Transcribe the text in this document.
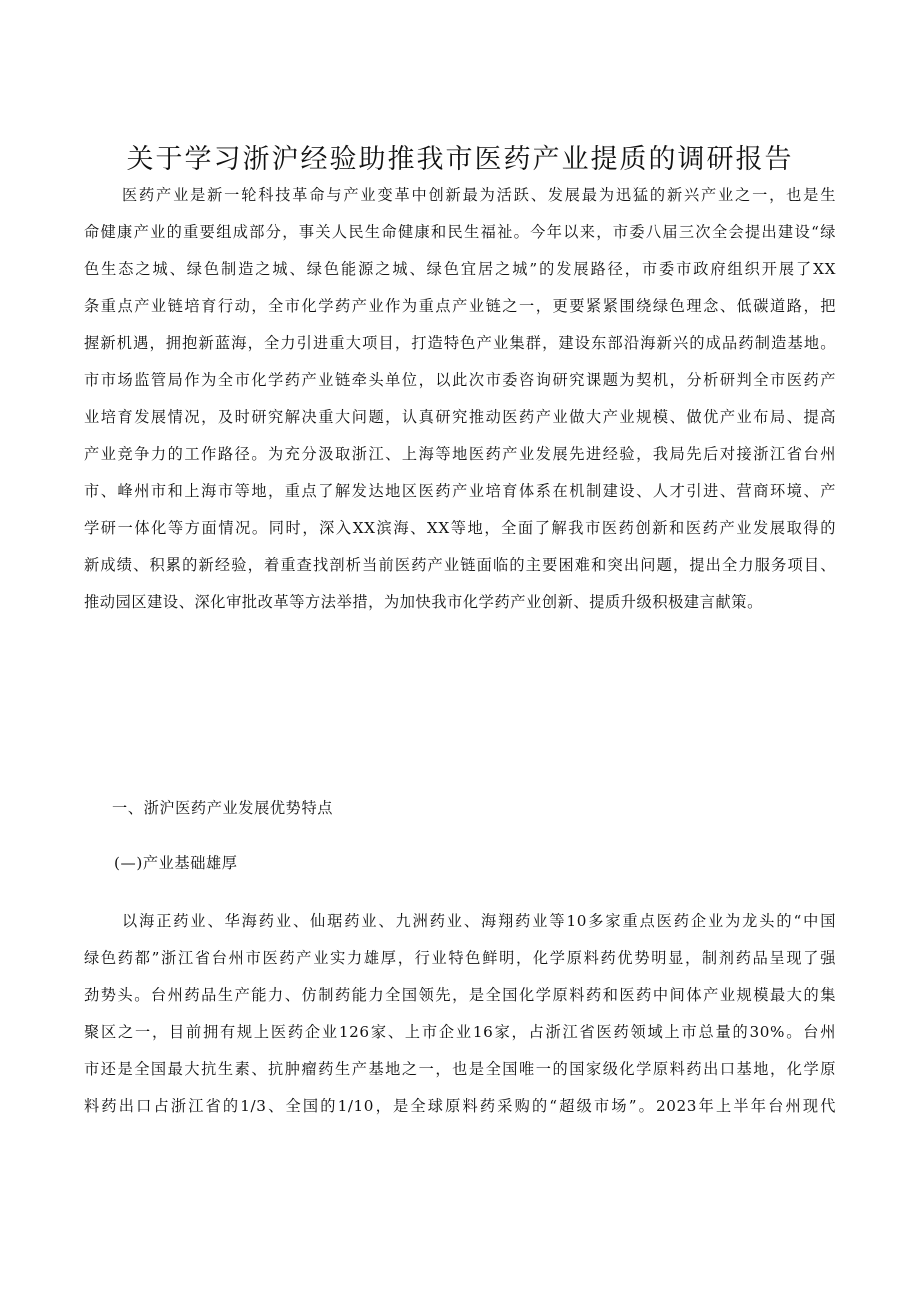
关于学习浙沪经验助推我市医药产业提质的调研报告
医药产业是新一轮科技革命与产业变革中创新最为活跃、发展最为迅猛的新兴产业之一，也是生
命健康产业的重要组成部分，事关人民生命健康和民生福祉。今年以来，市委八届三次全会提出建设“绿
色生态之城、绿色制造之城、绿色能源之城、绿色宜居之城”的发展路径，市委市政府组织开展了XX
条重点产业链培育行动，全市化学药产业作为重点产业链之一，更要紧紧围绕绿色理念、低碳道路，把
握新机遇，拥抱新蓝海，全力引进重大项目，打造特色产业集群，建设东部沿海新兴的成品药制造基地。
市市场监管局作为全市化学药产业链牵头单位，以此次市委咨询研究课题为契机，分析研判全市医药产
业培育发展情况，及时研究解决重大问题，认真研究推动医药产业做大产业规模、做优产业布局、提高
产业竞争力的工作路径。为充分汲取浙江、上海等地医药产业发展先进经验，我局先后对接浙江省台州
市、峰州市和上海市等地，重点了解发达地区医药产业培育体系在机制建设、人才引进、营商环境、产
学研一体化等方面情况。同时，深入XX滨海、XX等地，全面了解我市医药创新和医药产业发展取得的
新成绩、积累的新经验，着重查找剖析当前医药产业链面临的主要困难和突出问题，提出全力服务项目、
推动园区建设、深化审批改革等方法举措，为加快我市化学药产业创新、提质升级积极建言献策。
一、浙沪医药产业发展优势特点
(—)产业基础雄厚
以海正药业、华海药业、仙琚药业、九洲药业、海翔药业等10多家重点医药企业为龙头的“中国
绿色药都”浙江省台州市医药产业实力雄厚，行业特色鲜明，化学原料药优势明显，制剂药品呈现了强
劲势头。台州药品生产能力、仿制药能力全国领先，是全国化学原料药和医药中间体产业规模最大的集
聚区之一，目前拥有规上医药企业126家、上市企业16家，占浙江省医药领域上市总量的30%。台州
市还是全国最大抗生素、抗肿瘤药生产基地之一，也是全国唯一的国家级化学原料药出口基地，化学原
料药出口占浙江省的1/3、全国的1/10，是全球原料药采购的“超级市场”。2023年上半年台州现代
